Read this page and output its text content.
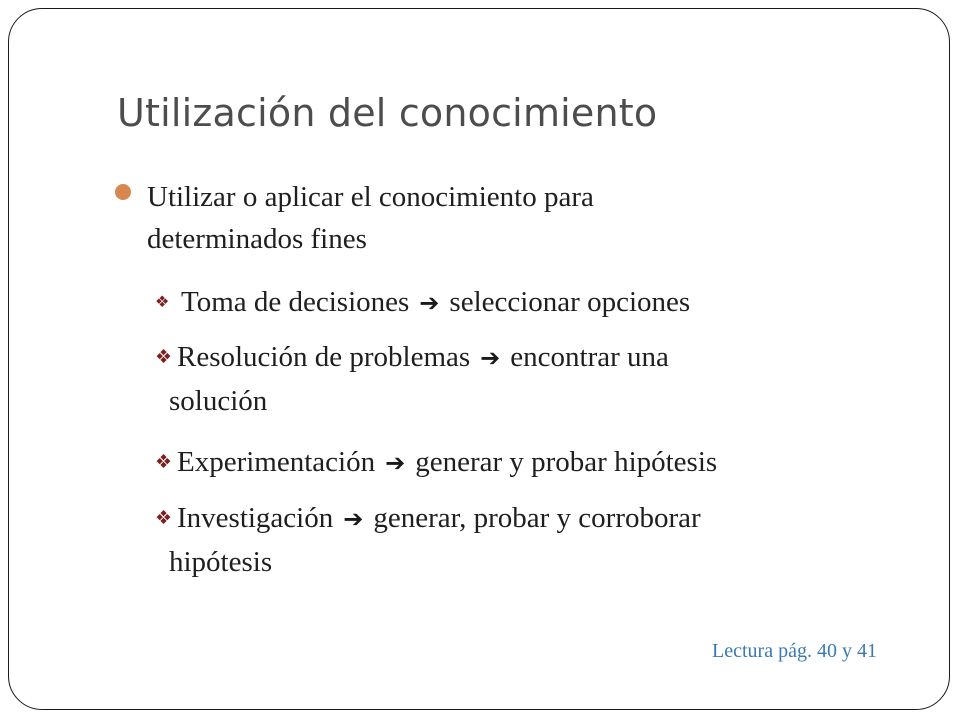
Utilización del conocimiento
Utilizar o aplicar el conocimiento para
determinados fines
❖ Toma de decisiones ➔ seleccionar opciones
❖ Resolución de problemas ➔ encontrar una
solución
❖ Experimentación ➔ generar y probar hipótesis
❖ Investigación ➔ generar, probar y corroborar
hipótesis
Lectura pág. 40 y 41
